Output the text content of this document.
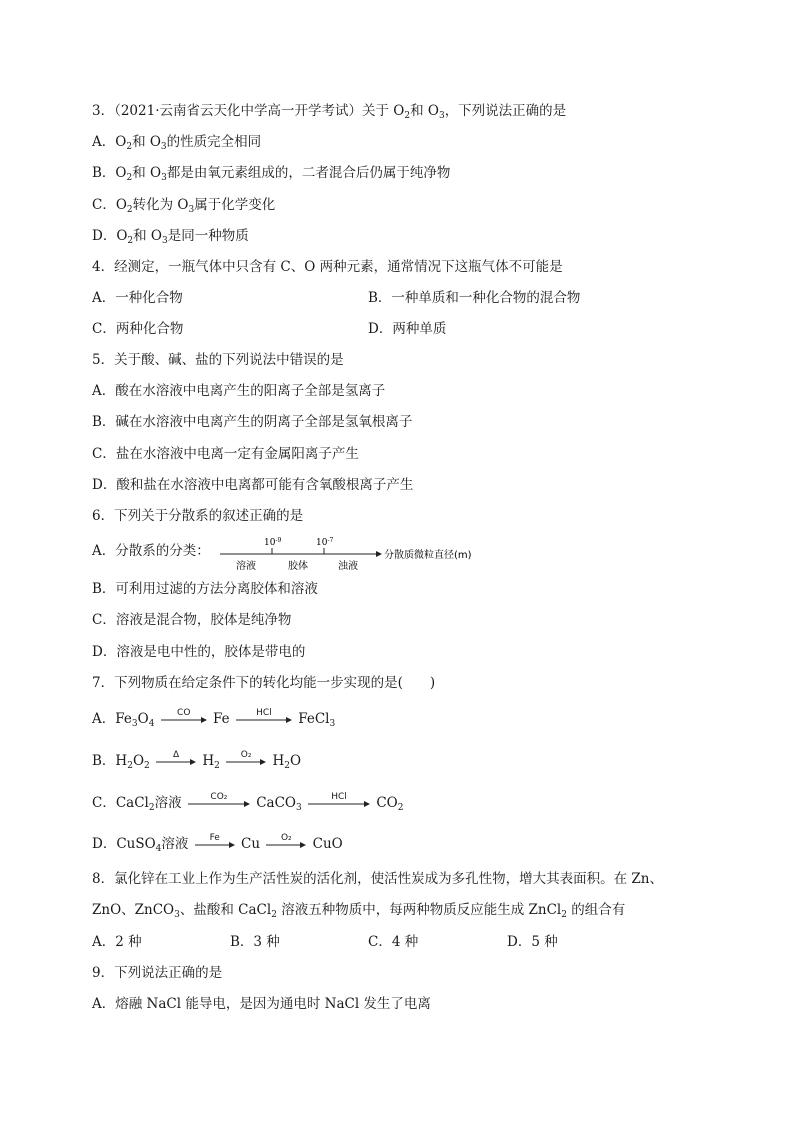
3．（2021·云南省云天化中学高一开学考试）关于 $O_2$和 $O_3$，下列说法正确的是
A．$O_2$和 $O_3$的性质完全相同
B．$O_2$和 $O_3$都是由氧元素组成的，二者混合后仍属于纯净物
C．$O_2$转化为 $O_3$属于化学变化
D．$O_2$和 $O_3$是同一种物质
4．经测定，一瓶气体中只含有 C、O 两种元素，通常情况下这瓶气体不可能是
A．一种化合物	B．一种单质和一种化合物的混合物
C．两种化合物	D．两种单质
5．关于酸、碱、盐的下列说法中错误的是
A．酸在水溶液中电离产生的阳离子全部是氢离子
B．碱在水溶液中电离产生的阴离子全部是氢氧根离子
C．盐在水溶液中电离一定有金属阳离子产生
D．酸和盐在水溶液中电离都可能有含氧酸根离子产生
6．下列关于分散系的叙述正确的是
A．分散系的分类：	$10^{-9}$	$10^{-7}$
溶液	胶体	浊液
分散质微粒直径(m)
B．可利用过滤的方法分离胶体和溶液
C．溶液是混合物，胶体是纯净物
D．溶液是电中性的，胶体是带电的
7．下列物质在给定条件下的转化均能一步实现的是(　　)
A．$Fe_3O_4$
CO	Fe	HCl	FeCl$_3$
B．$H_2O_2$
Δ	$H_2$
O₂	$H_2O$
C．CaCl$_2$溶液	CO₂	CaCO$_3$
HCl	$CO_2$
D．CuSO$_4$溶液	Fe	Cu	O₂	CuO
8．氯化锌在工业上作为生产活性炭的活化剂，使活性炭成为多孔性物，增大其表面积。在 Zn、
ZnO、ZnCO$_3$、盐酸和 CaCl$_2$ 溶液五种物质中，每两种物质反应能生成 ZnCl$_2$ 的组合有
A．2 种	B．3 种	C．4 种	D．5 种
9．下列说法正确的是
A．熔融 NaCl 能导电，是因为通电时 NaCl 发生了电离
